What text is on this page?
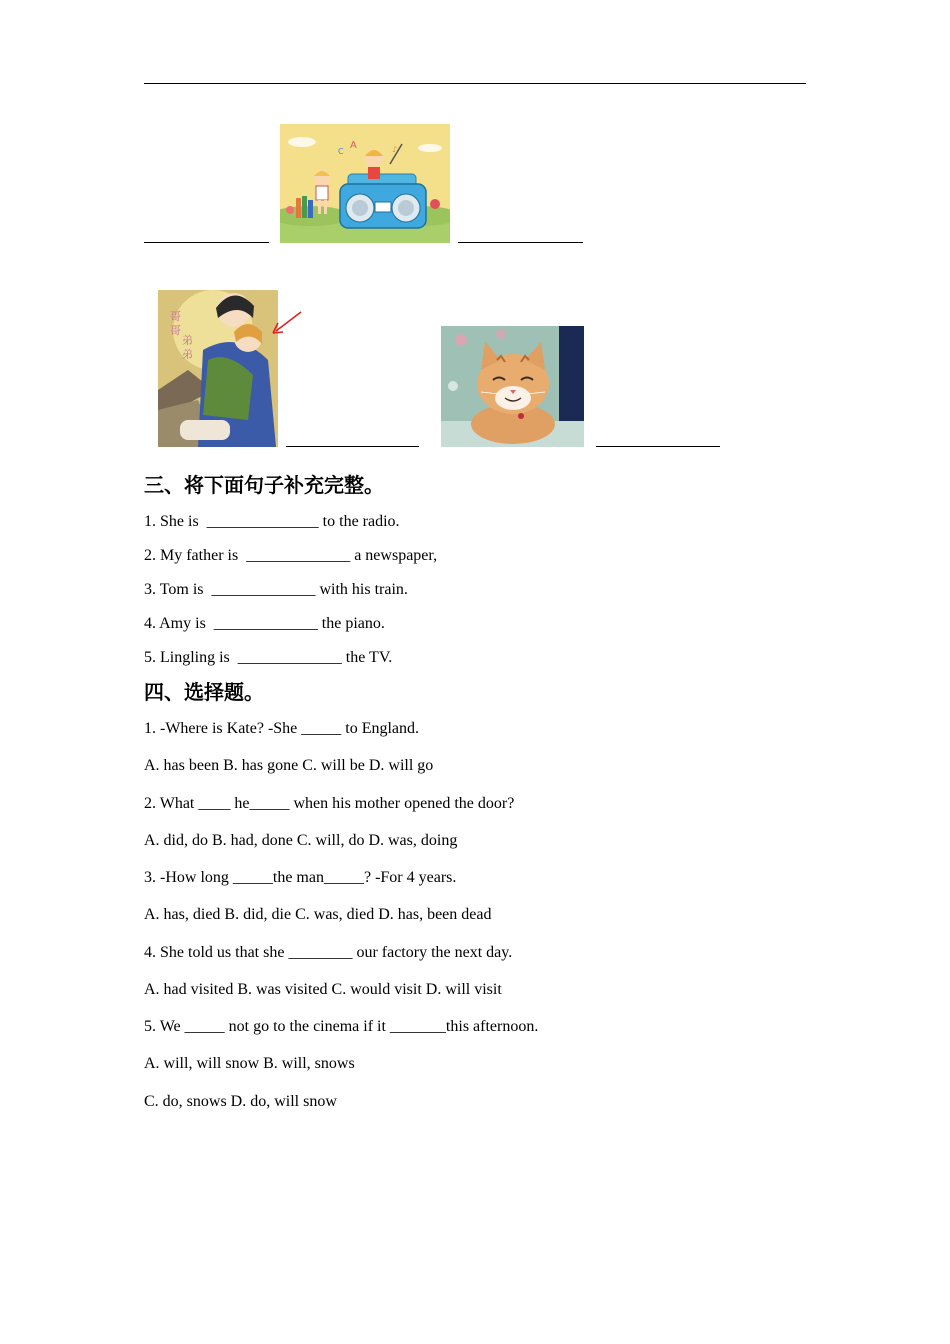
A
C	♪
哥
哥
弟
弟
三、将下面句子补充完整。
1. She is  ______________ to the radio.
2. My father is  _____________ a newspaper,
3. Tom is  _____________ with his train.
4. Amy is  _____________ the piano.
5. Lingling is  _____________ the TV.
四、选择题。
1. -Where is Kate? -She _____ to England.
A. has been B. has gone C. will be D. will go
2. What ____ he_____ when his mother opened the door?
A. did, do B. had, done C. will, do D. was, doing
3. -How long _____the man_____? -For 4 years.
A. has, died B. did, die C. was, died D. has, been dead
4. She told us that she ________ our factory the next day.
A. had visited B. was visited C. would visit D. will visit
5. We _____ not go to the cinema if it _______this afternoon.
A. will, will snow B. will, snows
C. do, snows D. do, will snow
